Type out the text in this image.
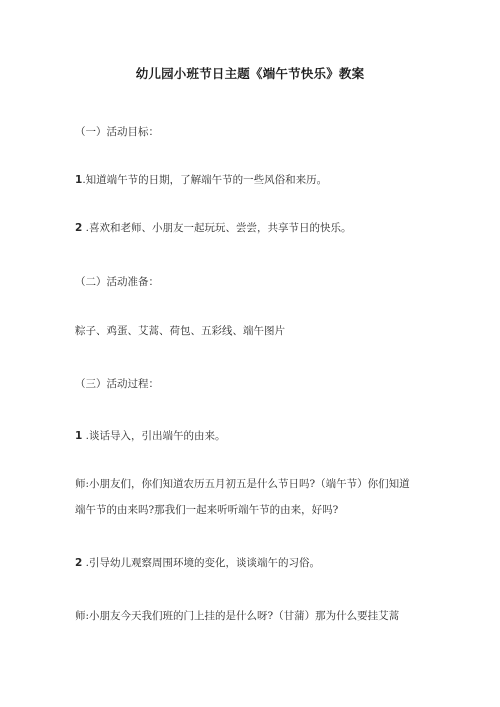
幼儿园小班节日主题《端午节快乐》教案
（一）活动目标：
1.知道端午节的日期，了解端午节的一些风俗和来历。
2 .喜欢和老师、小朋友一起玩玩、尝尝，共享节日的快乐。
（二）活动准备：
粽子、鸡蛋、艾蒿、荷包、五彩线、端午图片
（三）活动过程：
1 .谈话导入，引出端午的由来。
师:小朋友们，你们知道农历五月初五是什么节日吗?（端午节）你们知道
端午节的由来吗?那我们一起来听听端午节的由来，好吗?
2 .引导幼儿观察周围环境的变化，谈谈端午的习俗。
师:小朋友今天我们班的门上挂的是什么呀?（甘蒲）那为什么要挂艾蒿
